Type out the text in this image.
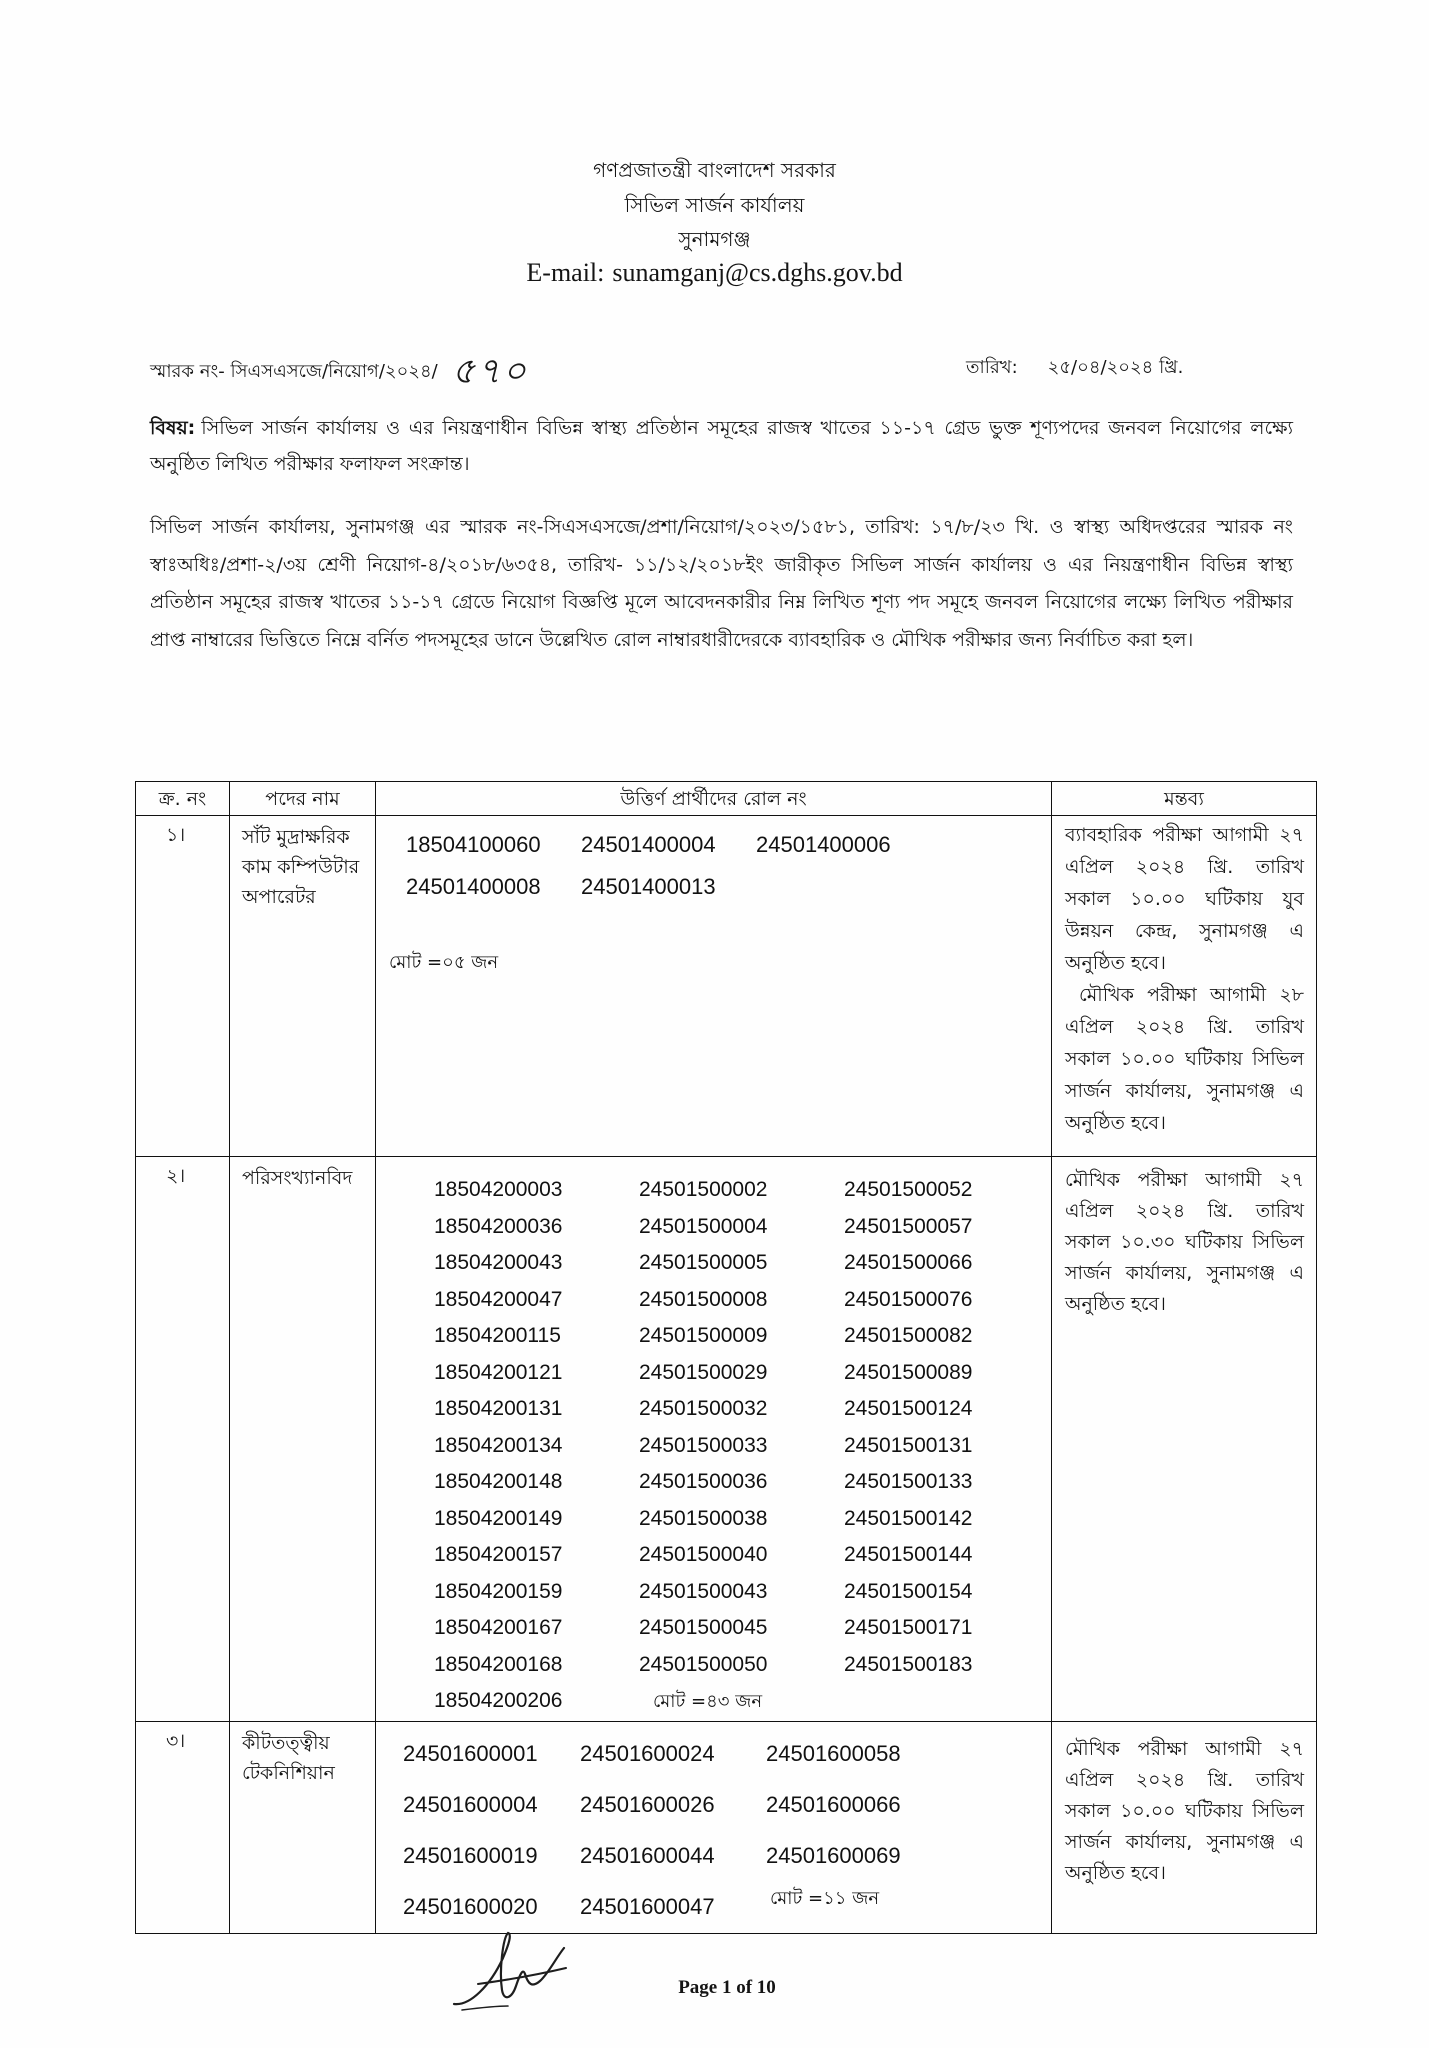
গণপ্রজাতন্ত্রী বাংলাদেশ সরকার
সিভিল সার্জন কার্যালয়
সুনামগঞ্জ
E-mail: sunamganj@cs.dghs.gov.bd
স্মারক নং- সিএসএসজে/নিয়োগ/২০২৪/ ৫৭০	তারিখ: ২৫/০৪/২০২৪ খ্রি.
বিষয়: সিভিল সার্জন কার্যালয় ও এর নিয়ন্ত্রণাধীন বিভিন্ন স্বাস্থ্য প্রতিষ্ঠান সমূহের রাজস্ব খাতের ১১-১৭ গ্রেড ভুক্ত শূণ্যপদের জনবল নিয়োগের লক্ষ্যে অনুষ্ঠিত লিখিত পরীক্ষার ফলাফল সংক্রান্ত।

সিভিল সার্জন কার্যালয়, সুনামগঞ্জ এর স্মারক নং-সিএসএসজে/প্রশা/নিয়োগ/২০২৩/১৫৮১, তারিখ: ১৭/৮/২৩ খি. ও স্বাস্থ্য অধিদপ্তরের স্মারক নং স্বাঃঅধিঃ/প্রশা-২/৩য় শ্রেণী নিয়োগ-৪/২০১৮/৬৩৫৪, তারিখ- ১১/১২/২০১৮ইং জারীকৃত সিভিল সার্জন কার্যালয় ও এর নিয়ন্ত্রণাধীন বিভিন্ন স্বাস্থ্য প্রতিষ্ঠান সমূহের রাজস্ব খাতের ১১-১৭ গ্রেডে নিয়োগ বিজ্ঞপ্তি মূলে আবেদনকারীর নিম্ন লিখিত শূণ্য পদ সমূহে জনবল নিয়োগের লক্ষ্যে লিখিত পরীক্ষার প্রাপ্ত নাম্বারের ভিত্তিতে নিম্নে বর্নিত পদসমূহের ডানে উল্লেখিত রোল নাম্বারধারীদেরকে ব্যাবহারিক ও মৌখিক পরীক্ষার জন্য নির্বাচিত করা হল।

ক্র. নং	পদের নাম	উত্তির্ণ প্রার্থীদের রোল নং	মন্তব্য
১।	সাঁট মুদ্রাক্ষরিক কাম কম্পিউটার অপারেটর
18504100060	24501400004	24501400006
24501400008	24501400013
মোট =০৫ জন

ব্যাবহারিক পরীক্ষা আগামী ২৭ এপ্রিল ২০২৪ খ্রি. তারিখ সকাল ১০.০০ ঘটিকায় যুব উন্নয়ন কেন্দ্র, সুনামগঞ্জ এ অনুষ্ঠিত হবে।

মৌখিক পরীক্ষা আগামী ২৮ এপ্রিল ২০২৪ খ্রি. তারিখ সকাল ১০.০০ ঘটিকায় সিভিল সার্জন কার্যালয়, সুনামগঞ্জ এ অনুষ্ঠিত হবে।

২।	পরিসংখ্যানবিদ
18504200003	24501500002	24501500052
18504200036	24501500004	24501500057
18504200043	24501500005	24501500066
18504200047	24501500008	24501500076
18504200115	24501500009	24501500082
18504200121	24501500029	24501500089
18504200131	24501500032	24501500124
18504200134	24501500033	24501500131
18504200148	24501500036	24501500133
18504200149	24501500038	24501500142
18504200157	24501500040	24501500144
18504200159	24501500043	24501500154
18504200167	24501500045	24501500171
18504200168	24501500050	24501500183
18504200206	মোট =৪৩ জন

মৌখিক পরীক্ষা আগামী ২৭ এপ্রিল ২০২৪ খ্রি. তারিখ সকাল ১০.৩০ ঘটিকায় সিভিল সার্জন কার্যালয়, সুনামগঞ্জ এ অনুষ্ঠিত হবে।

৩।	কীটতত্ত্বীয় টেকনিশিয়ান
24501600001	24501600024	24501600058
24501600004	24501600026	24501600066
24501600019	24501600044	24501600069
24501600020	24501600047	মোট =১১ জন

মৌখিক পরীক্ষা আগামী ২৭ এপ্রিল ২০২৪ খ্রি. তারিখ সকাল ১০.০০ ঘটিকায় সিভিল সার্জন কার্যালয়, সুনামগঞ্জ এ অনুষ্ঠিত হবে।

Page 1 of 10
